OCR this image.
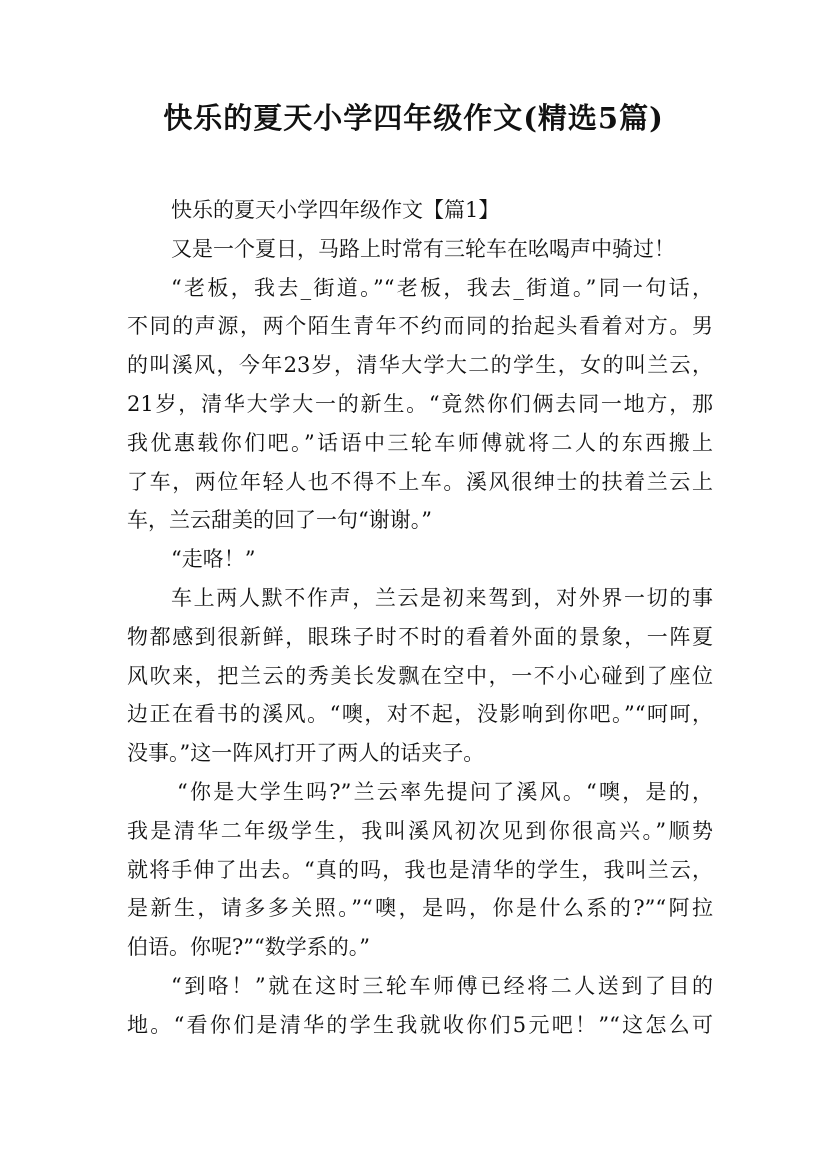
快乐的夏天小学四年级作文(精选5篇)
快乐的夏天小学四年级作文【篇1】
又是一个夏日，马路上时常有三轮车在吆喝声中骑过！
“老板，我去_街道。”“老板，我去_街道。”同一句话，
不同的声源，两个陌生青年不约而同的抬起头看着对方。男
的叫溪风，今年23岁，清华大学大二的学生，女的叫兰云，
21岁，清华大学大一的新生。“竟然你们俩去同一地方，那
我优惠载你们吧。”话语中三轮车师傅就将二人的东西搬上
了车，两位年轻人也不得不上车。溪风很绅士的扶着兰云上
车，兰云甜美的回了一句“谢谢。”
“走咯！”
车上两人默不作声，兰云是初来驾到，对外界一切的事
物都感到很新鲜，眼珠子时不时的看着外面的景象，一阵夏
风吹来，把兰云的秀美长发飘在空中，一不小心碰到了座位
边正在看书的溪风。“噢，对不起，没影响到你吧。”“呵呵，
没事。”这一阵风打开了两人的话夹子。
“你是大学生吗?”兰云率先提问了溪风。“噢，是的，
我是清华二年级学生，我叫溪风初次见到你很高兴。”顺势
就将手伸了出去。“真的吗，我也是清华的学生，我叫兰云，
是新生，请多多关照。”“噢，是吗，你是什么系的?”“阿拉
伯语。你呢?”“数学系的。”
“到咯！”就在这时三轮车师傅已经将二人送到了目的
地。“看你们是清华的学生我就收你们5元吧！”“这怎么可
